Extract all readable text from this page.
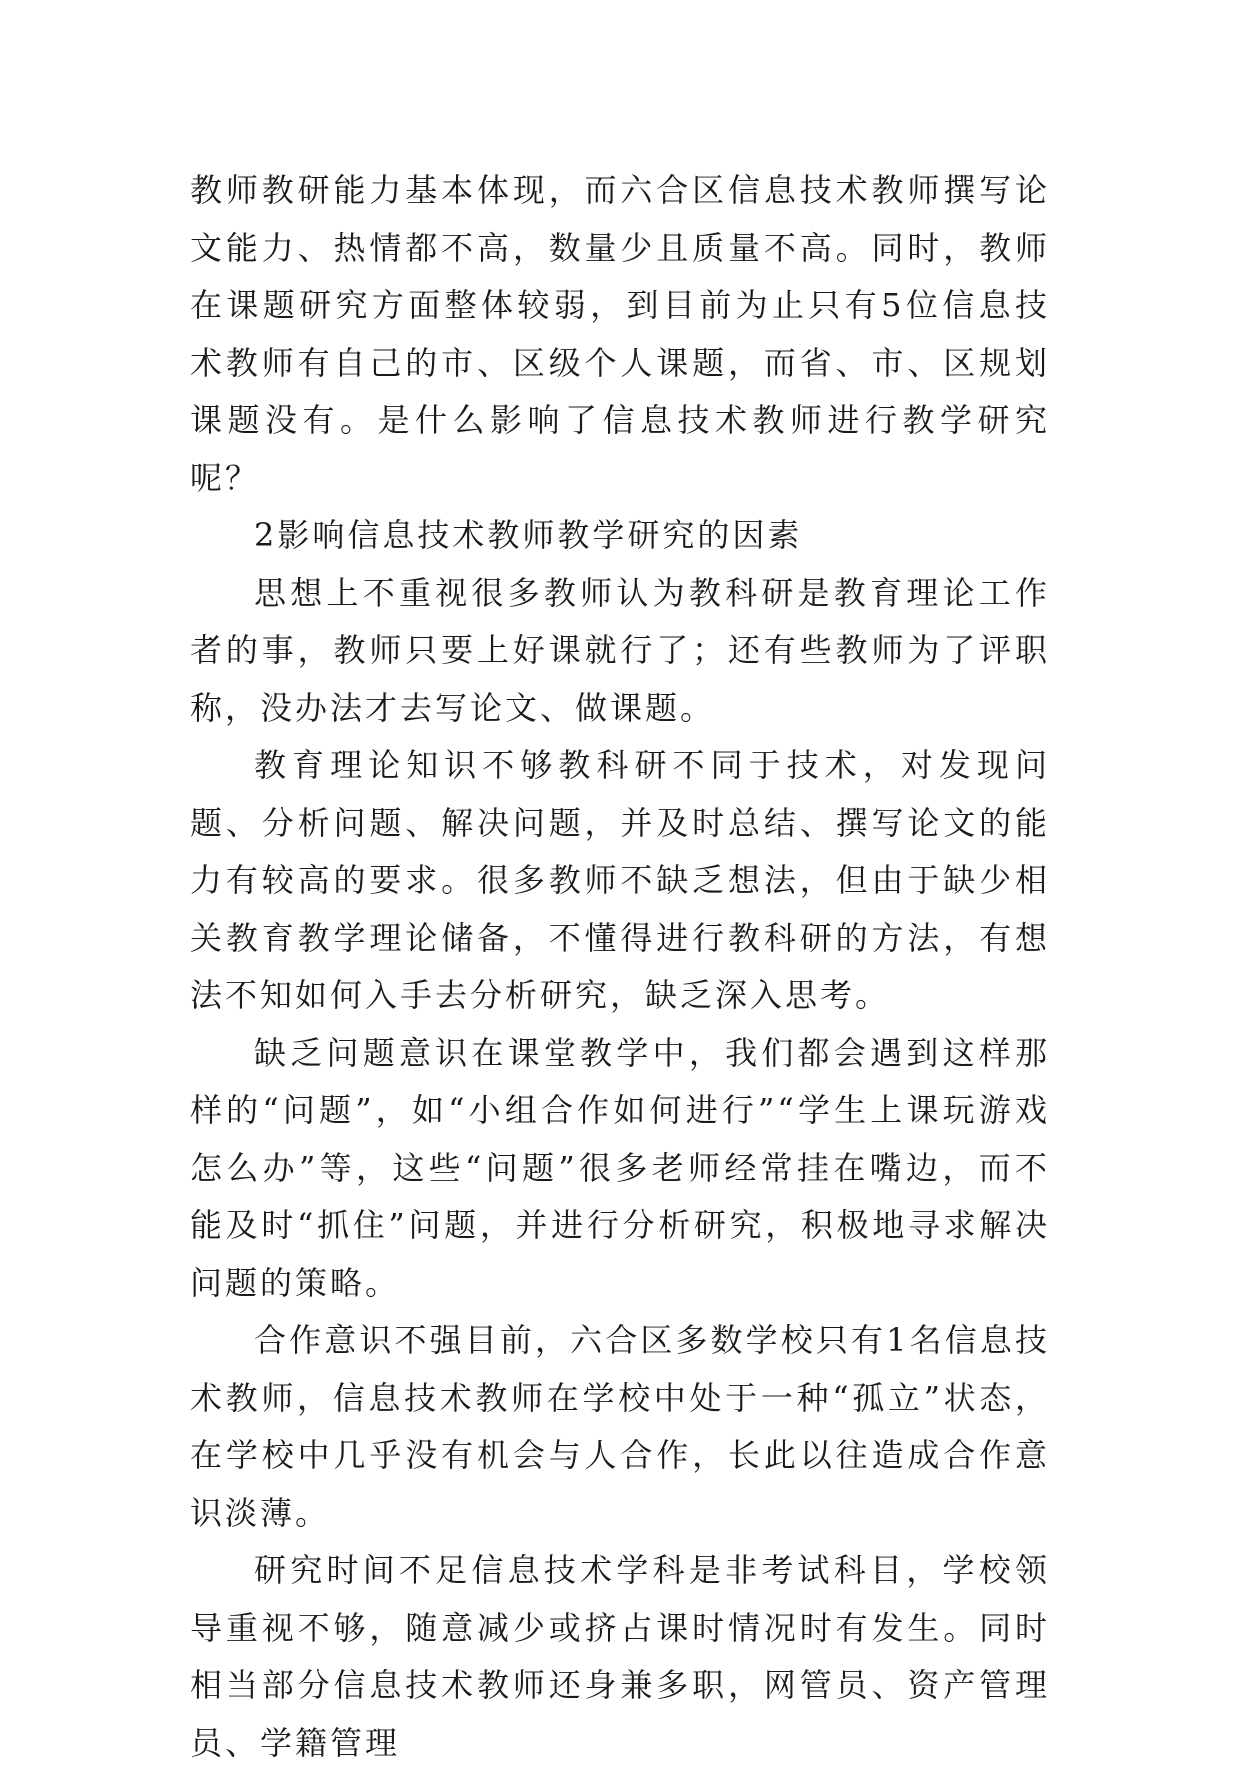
教师教研能力基本体现，而六合区信息技术教师撰写论文能力、热情都不高，数量少且质量不高。同时，教师在课题研究方面整体较弱，到目前为止只有5位信息技术教师有自己的市、区级个人课题，而省、市、区规划课题没有。是什么影响了信息技术教师进行教学研究呢？

2影响信息技术教师教学研究的因素

思想上不重视很多教师认为教科研是教育理论工作者的事，教师只要上好课就行了；还有些教师为了评职称，没办法才去写论文、做课题。

教育理论知识不够教科研不同于技术，对发现问题、分析问题、解决问题，并及时总结、撰写论文的能力有较高的要求。很多教师不缺乏想法，但由于缺少相关教育教学理论储备，不懂得进行教科研的方法，有想法不知如何入手去分析研究，缺乏深入思考。

缺乏问题意识在课堂教学中，我们都会遇到这样那样的“问题”，如“小组合作如何进行”“学生上课玩游戏怎么办”等，这些“问题”很多老师经常挂在嘴边，而不能及时“抓住”问题，并进行分析研究，积极地寻求解决问题的策略。

合作意识不强目前，六合区多数学校只有1名信息技术教师，信息技术教师在学校中处于一种“孤立”状态，在学校中几乎没有机会与人合作，长此以往造成合作意识淡薄。

研究时间不足信息技术学科是非考试科目，学校领导重视不够，随意减少或挤占课时情况时有发生。同时相当部分信息技术教师还身兼多职，网管员、资产管理员、学籍管理
